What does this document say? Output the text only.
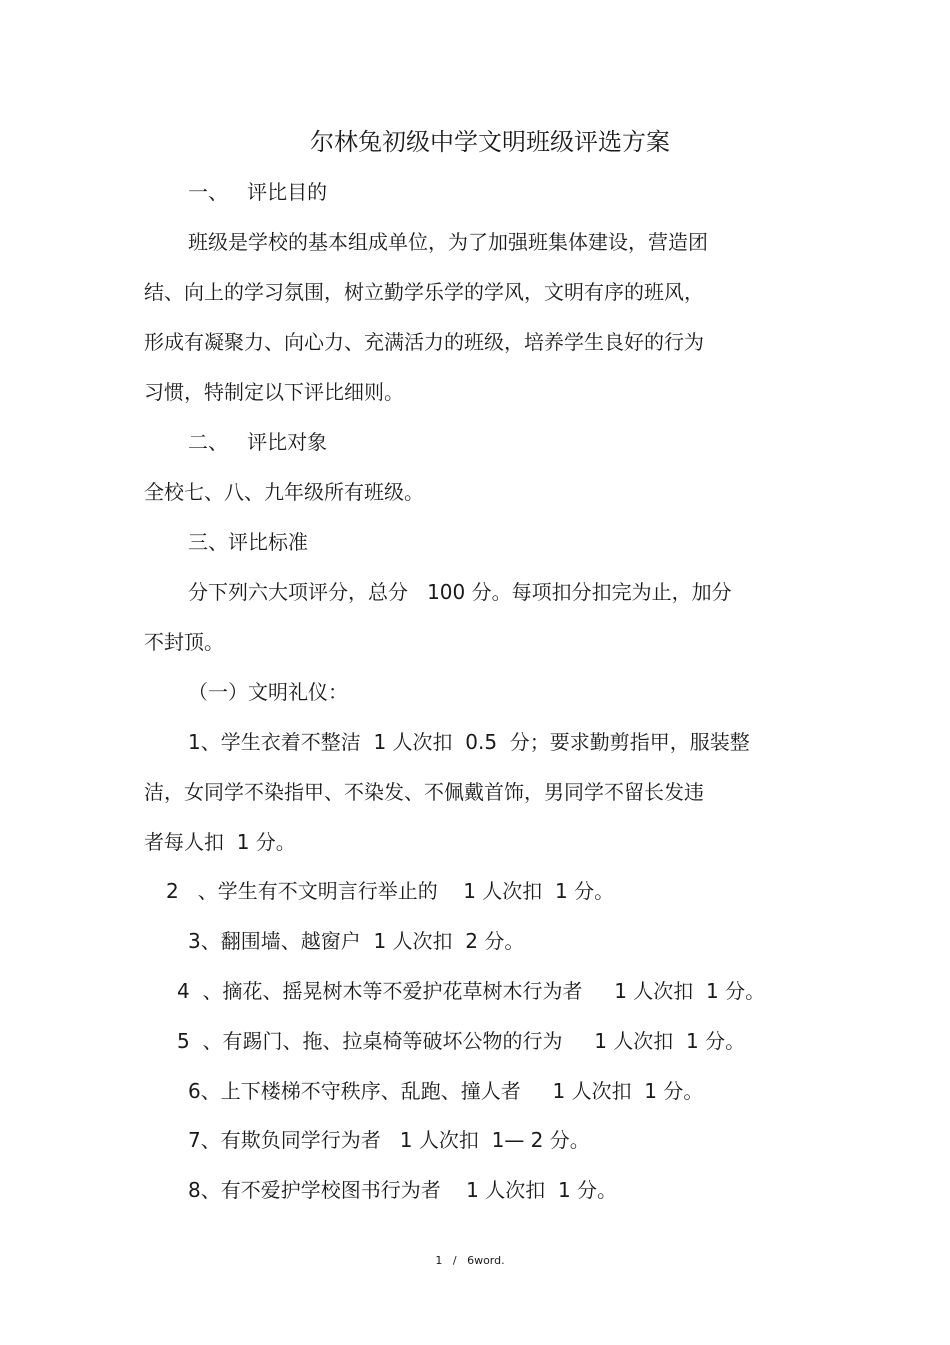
尔林兔初级中学文明班级评选方案
一、   评比目的
班级是学校的基本组成单位，为了加强班集体建设，营造团
结、向上的学习氛围，树立勤学乐学的学风，文明有序的班风，
形成有凝聚力、向心力、充满活力的班级，培养学生良好的行为
习惯，特制定以下评比细则。
二、   评比对象
全校七、八、九年级所有班级。
三、评比标准
分下列六大项评分，总分   100 分。每项扣分扣完为止，加分
不封顶。
（一）文明礼仪：
1、学生衣着不整洁  1 人次扣  0.5  分；要求勤剪指甲，服装整
洁，女同学不染指甲、不染发、不佩戴首饰，男同学不留长发违
者每人扣  1 分。
2   、学生有不文明言行举止的    1 人次扣  1 分。
3、翻围墙、越窗户  1 人次扣  2 分。
4  、摘花、摇晃树木等不爱护花草树木行为者     1 人次扣  1 分。
5  、有踢门、拖、拉桌椅等破坏公物的行为     1 人次扣  1 分。
6、上下楼梯不守秩序、乱跑、撞人者     1 人次扣  1 分。
7、有欺负同学行为者   1 人次扣  1— 2 分。
8、有不爱护学校图书行为者    1 人次扣  1 分。
1   /   6word.
